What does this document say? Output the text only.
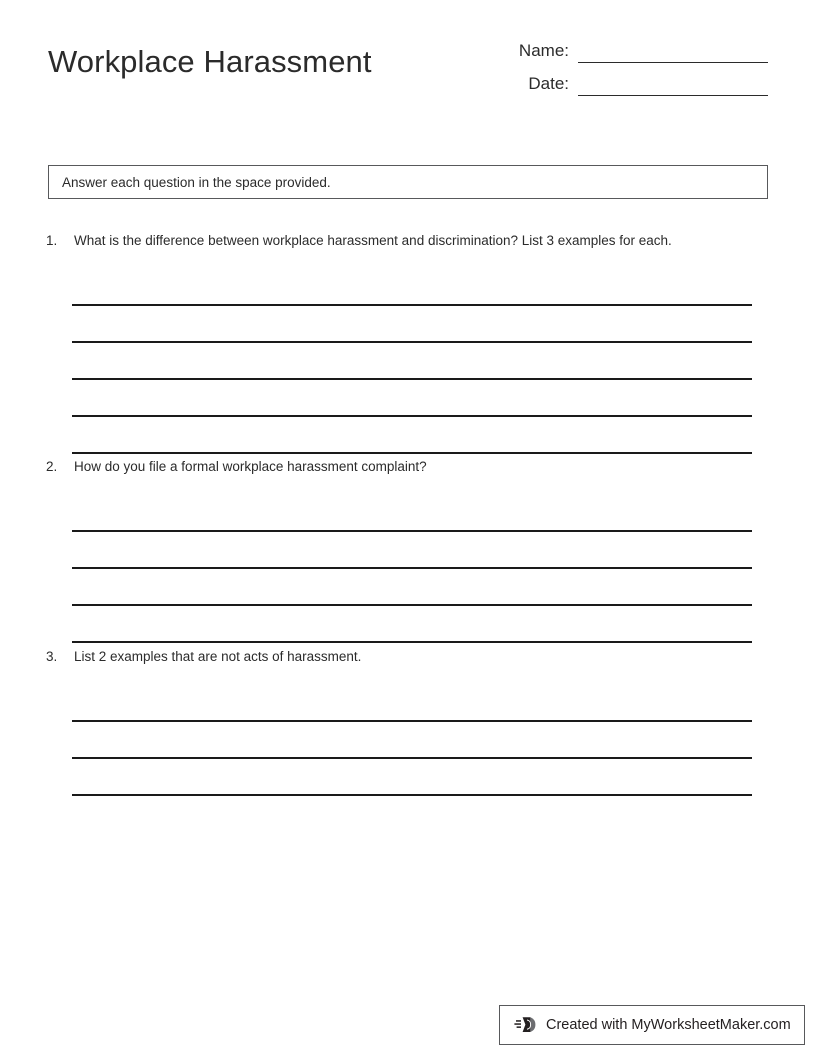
Workplace Harassment	Name:
Date:
Answer each question in the space provided.
1.	What is the difference between workplace harassment and discrimination? List 3 examples for each.
2.	How do you file a formal workplace harassment complaint?
3.	List 2 examples that are not acts of harassment.
Created with MyWorksheetMaker.com
